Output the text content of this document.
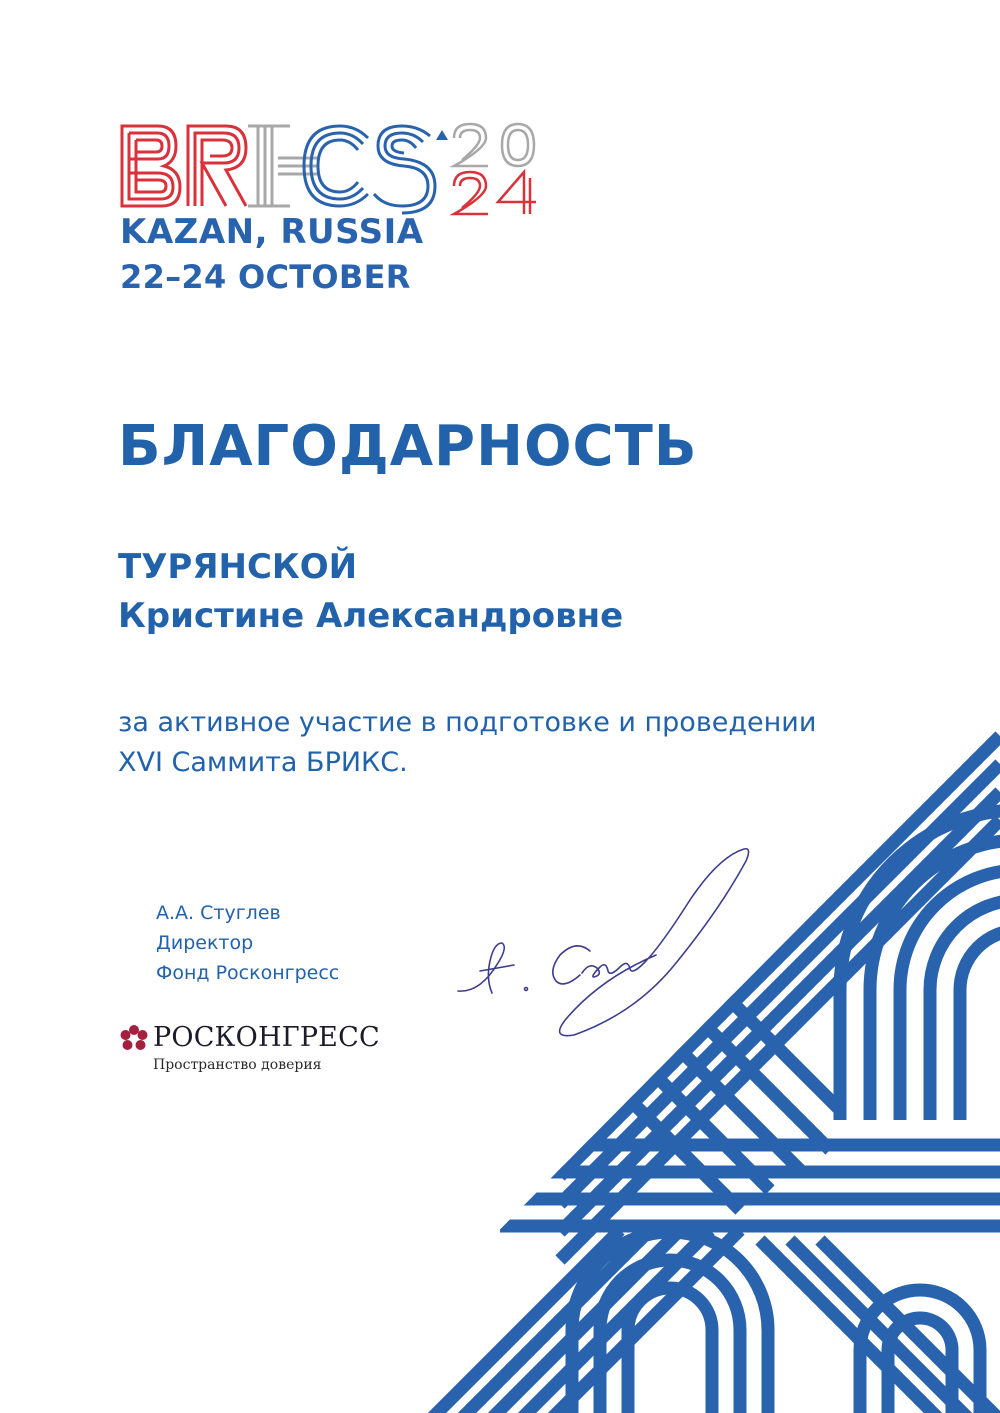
KAZAN, RUSSIA
22–24 OCTOBER
БЛАГОДАРНОСТЬ
ТУРЯНСКОЙ
Кристине Александровне
за активное участие в подготовке и проведении
XVI Саммита БРИКС.
А.А. Стуглев
Директор
Фонд Росконгресс
РОСКОНГРЕСС
Пространство доверия
